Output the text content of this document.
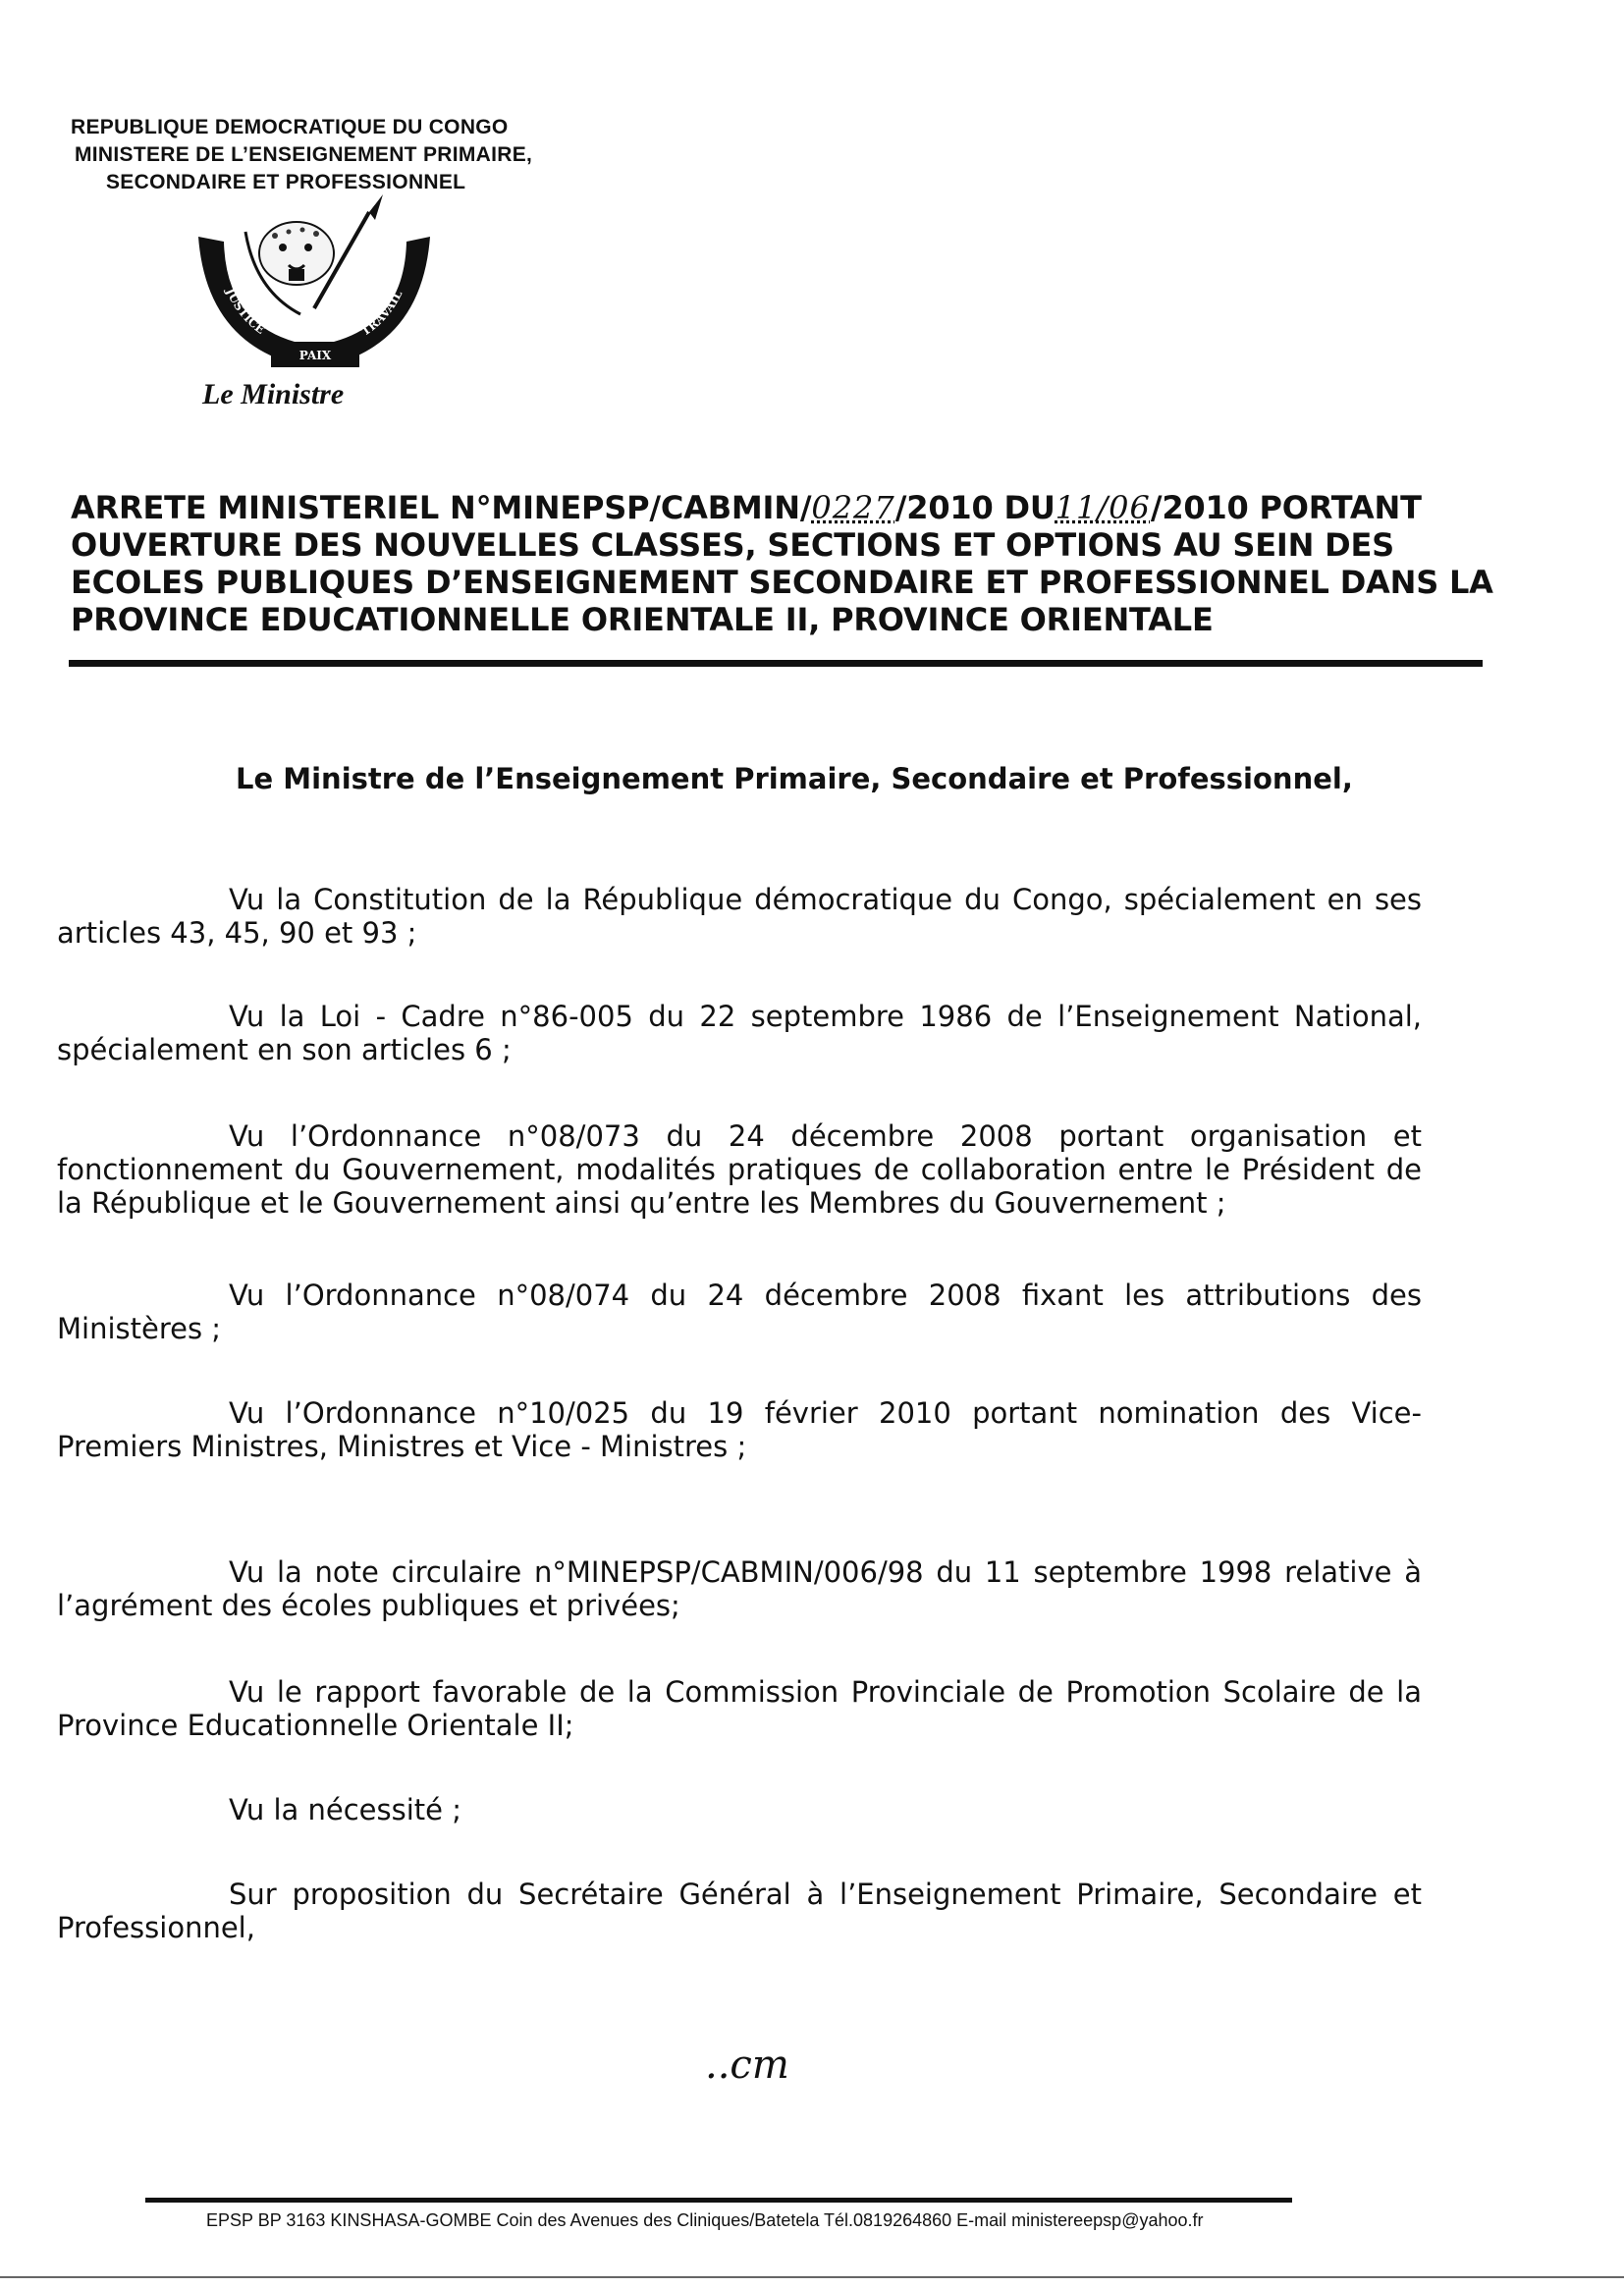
REPUBLIQUE DEMOCRATIQUE DU CONGO
MINISTERE DE L’ENSEIGNEMENT PRIMAIRE,
SECONDAIRE ET PROFESSIONNEL
JUSTICE
PAIX
TRAVAIL
Le Ministre
ARRETE MINISTERIEL N°MINEPSP/CABMIN/0227/2010 DU11/06/2010 PORTANT
OUVERTURE DES NOUVELLES CLASSES, SECTIONS ET OPTIONS AU SEIN DES
ECOLES PUBLIQUES D’ENSEIGNEMENT SECONDAIRE ET PROFESSIONNEL DANS LA
PROVINCE EDUCATIONNELLE ORIENTALE II, PROVINCE ORIENTALE
Le Ministre de l’Enseignement Primaire, Secondaire et Professionnel,
Vu la Constitution de la République démocratique du Congo, spécialement en ses articles 43, 45, 90 et 93 ;
Vu la Loi - Cadre n°86-005 du 22 septembre 1986 de l’Enseignement National, spécialement en son articles 6 ;
Vu l’Ordonnance n°08/073 du 24 décembre 2008 portant organisation et fonctionnement du Gouvernement, modalités pratiques de collaboration entre le Président de la République et le Gouvernement ainsi qu’entre les Membres du Gouvernement ;
Vu l’Ordonnance n°08/074 du 24 décembre 2008 fixant les attributions des Ministères ;
Vu l’Ordonnance n°10/025 du 19 février 2010 portant nomination des Vice-Premiers Ministres, Ministres et Vice - Ministres ;
Vu la note circulaire n°MINEPSP/CABMIN/006/98 du 11 septembre 1998 relative à l’agrément des écoles publiques et privées;
Vu le rapport favorable de la Commission Provinciale de Promotion Scolaire de la Province Educationnelle Orientale II;
Vu la nécessité ;
Sur proposition du Secrétaire Général à l’Enseignement Primaire, Secondaire et Professionnel,
..cm
EPSP BP 3163 KINSHASA-GOMBE Coin des Avenues des Cliniques/Batetela Tél.0819264860 E-mail ministereepsp@yahoo.fr
